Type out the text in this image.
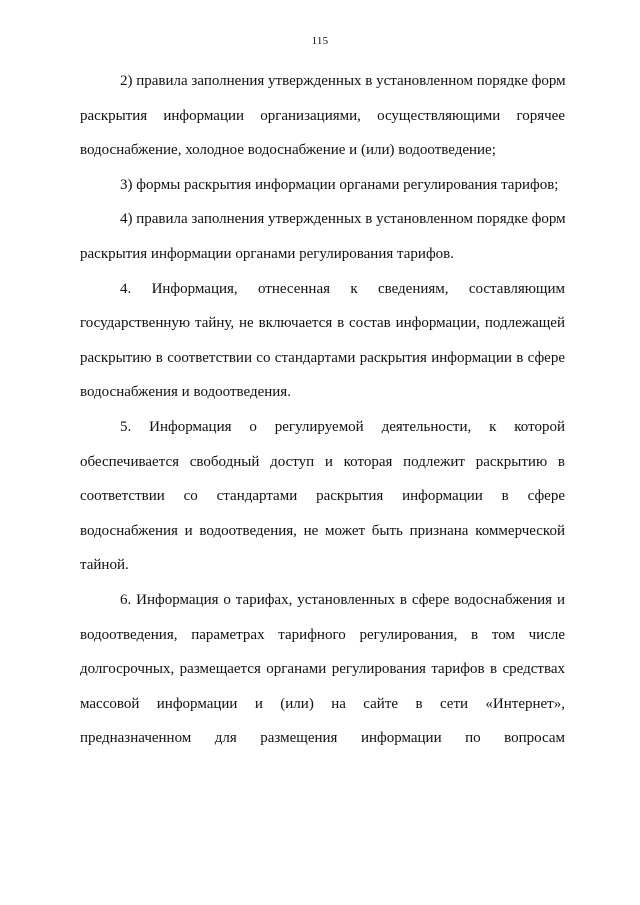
115

2) правила заполнения утвержденных в установленном порядке форм
раскрытия информации организациями, осуществляющими горячее
водоснабжение, холодное водоснабжение и (или) водоотведение;

3) формы раскрытия информации органами регулирования тарифов;

4) правила заполнения утвержденных в установленном порядке форм
раскрытия информации органами регулирования тарифов.

4. Информация, отнесенная к сведениям, составляющим
государственную тайну, не включается в состав информации, подлежащей
раскрытию в соответствии со стандартами раскрытия информации в сфере
водоснабжения и водоотведения.

5. Информация о регулируемой деятельности, к которой
обеспечивается свободный доступ и которая подлежит раскрытию в
соответствии со стандартами раскрытия информации в сфере
водоснабжения и водоотведения, не может быть признана коммерческой
тайной.

6. Информация о тарифах, установленных в сфере водоснабжения и
водоотведения, параметрах тарифного регулирования, в том числе
долгосрочных, размещается органами регулирования тарифов в средствах
массовой информации и (или) на сайте в сети «Интернет»,
предназначенном для размещения информации по вопросам
